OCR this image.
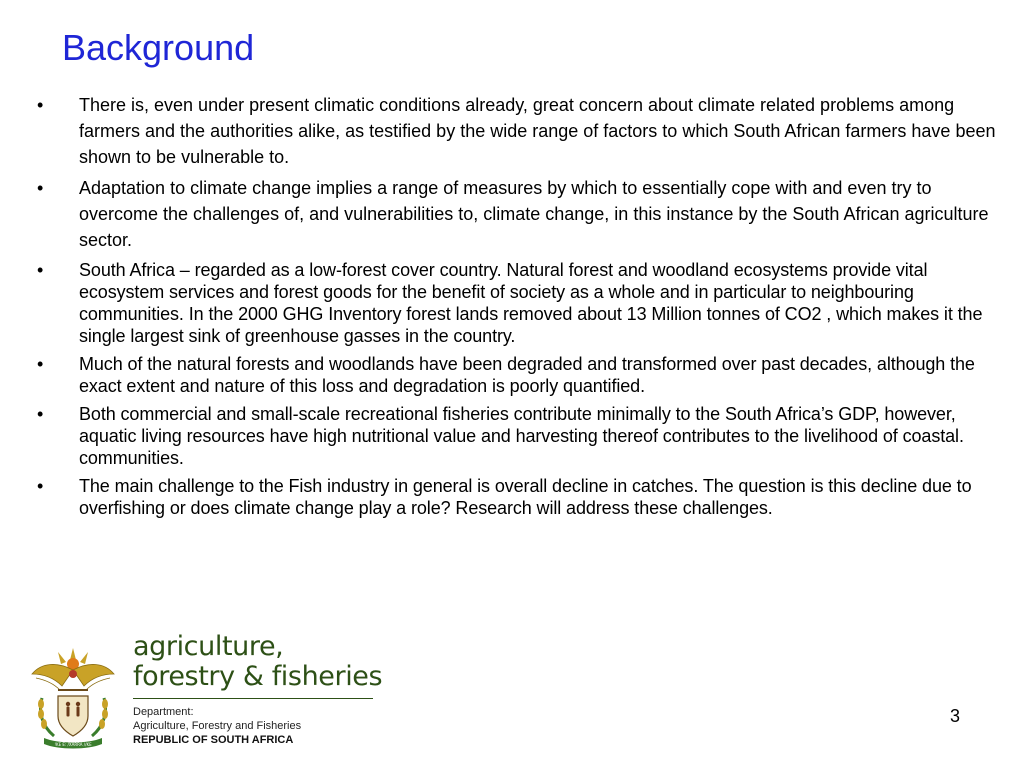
Background
• There is, even under present climatic conditions already, great concern about climate related problems among farmers and the authorities alike, as testified by the wide range of factors to which South African farmers have been shown to be vulnerable to.
• Adaptation to climate change implies a range of measures by which to essentially cope with and even try to overcome the challenges of, and vulnerabilities to, climate change, in this instance by the South African agriculture sector.
• South Africa – regarded as a low-forest cover country. Natural forest and woodland ecosystems provide vital ecosystem services and forest goods for the benefit of society as a whole and in particular to neighbouring communities. In the 2000 GHG Inventory forest lands removed about 13 Million tonnes of CO2 , which makes it the single largest sink of greenhouse gasses in the country.
• Much of the natural forests and woodlands have been degraded and transformed over past decades, although the exact extent and nature of this loss and degradation is poorly quantified.
• Both commercial and small-scale recreational fisheries contribute minimally to the South Africa’s GDP, however, aquatic living resources have high nutritional value and harvesting thereof contributes to the livelihood of coastal. communities.
• The main challenge to the Fish industry in general is overall decline in catches. The question is this decline due to overfishing or does climate change play a role? Research will address these challenges.
!KE E: /XARRA //KE
agriculture,
forestry & fisheries
Department:
Agriculture, Forestry and Fisheries
REPUBLIC OF SOUTH AFRICA
3
